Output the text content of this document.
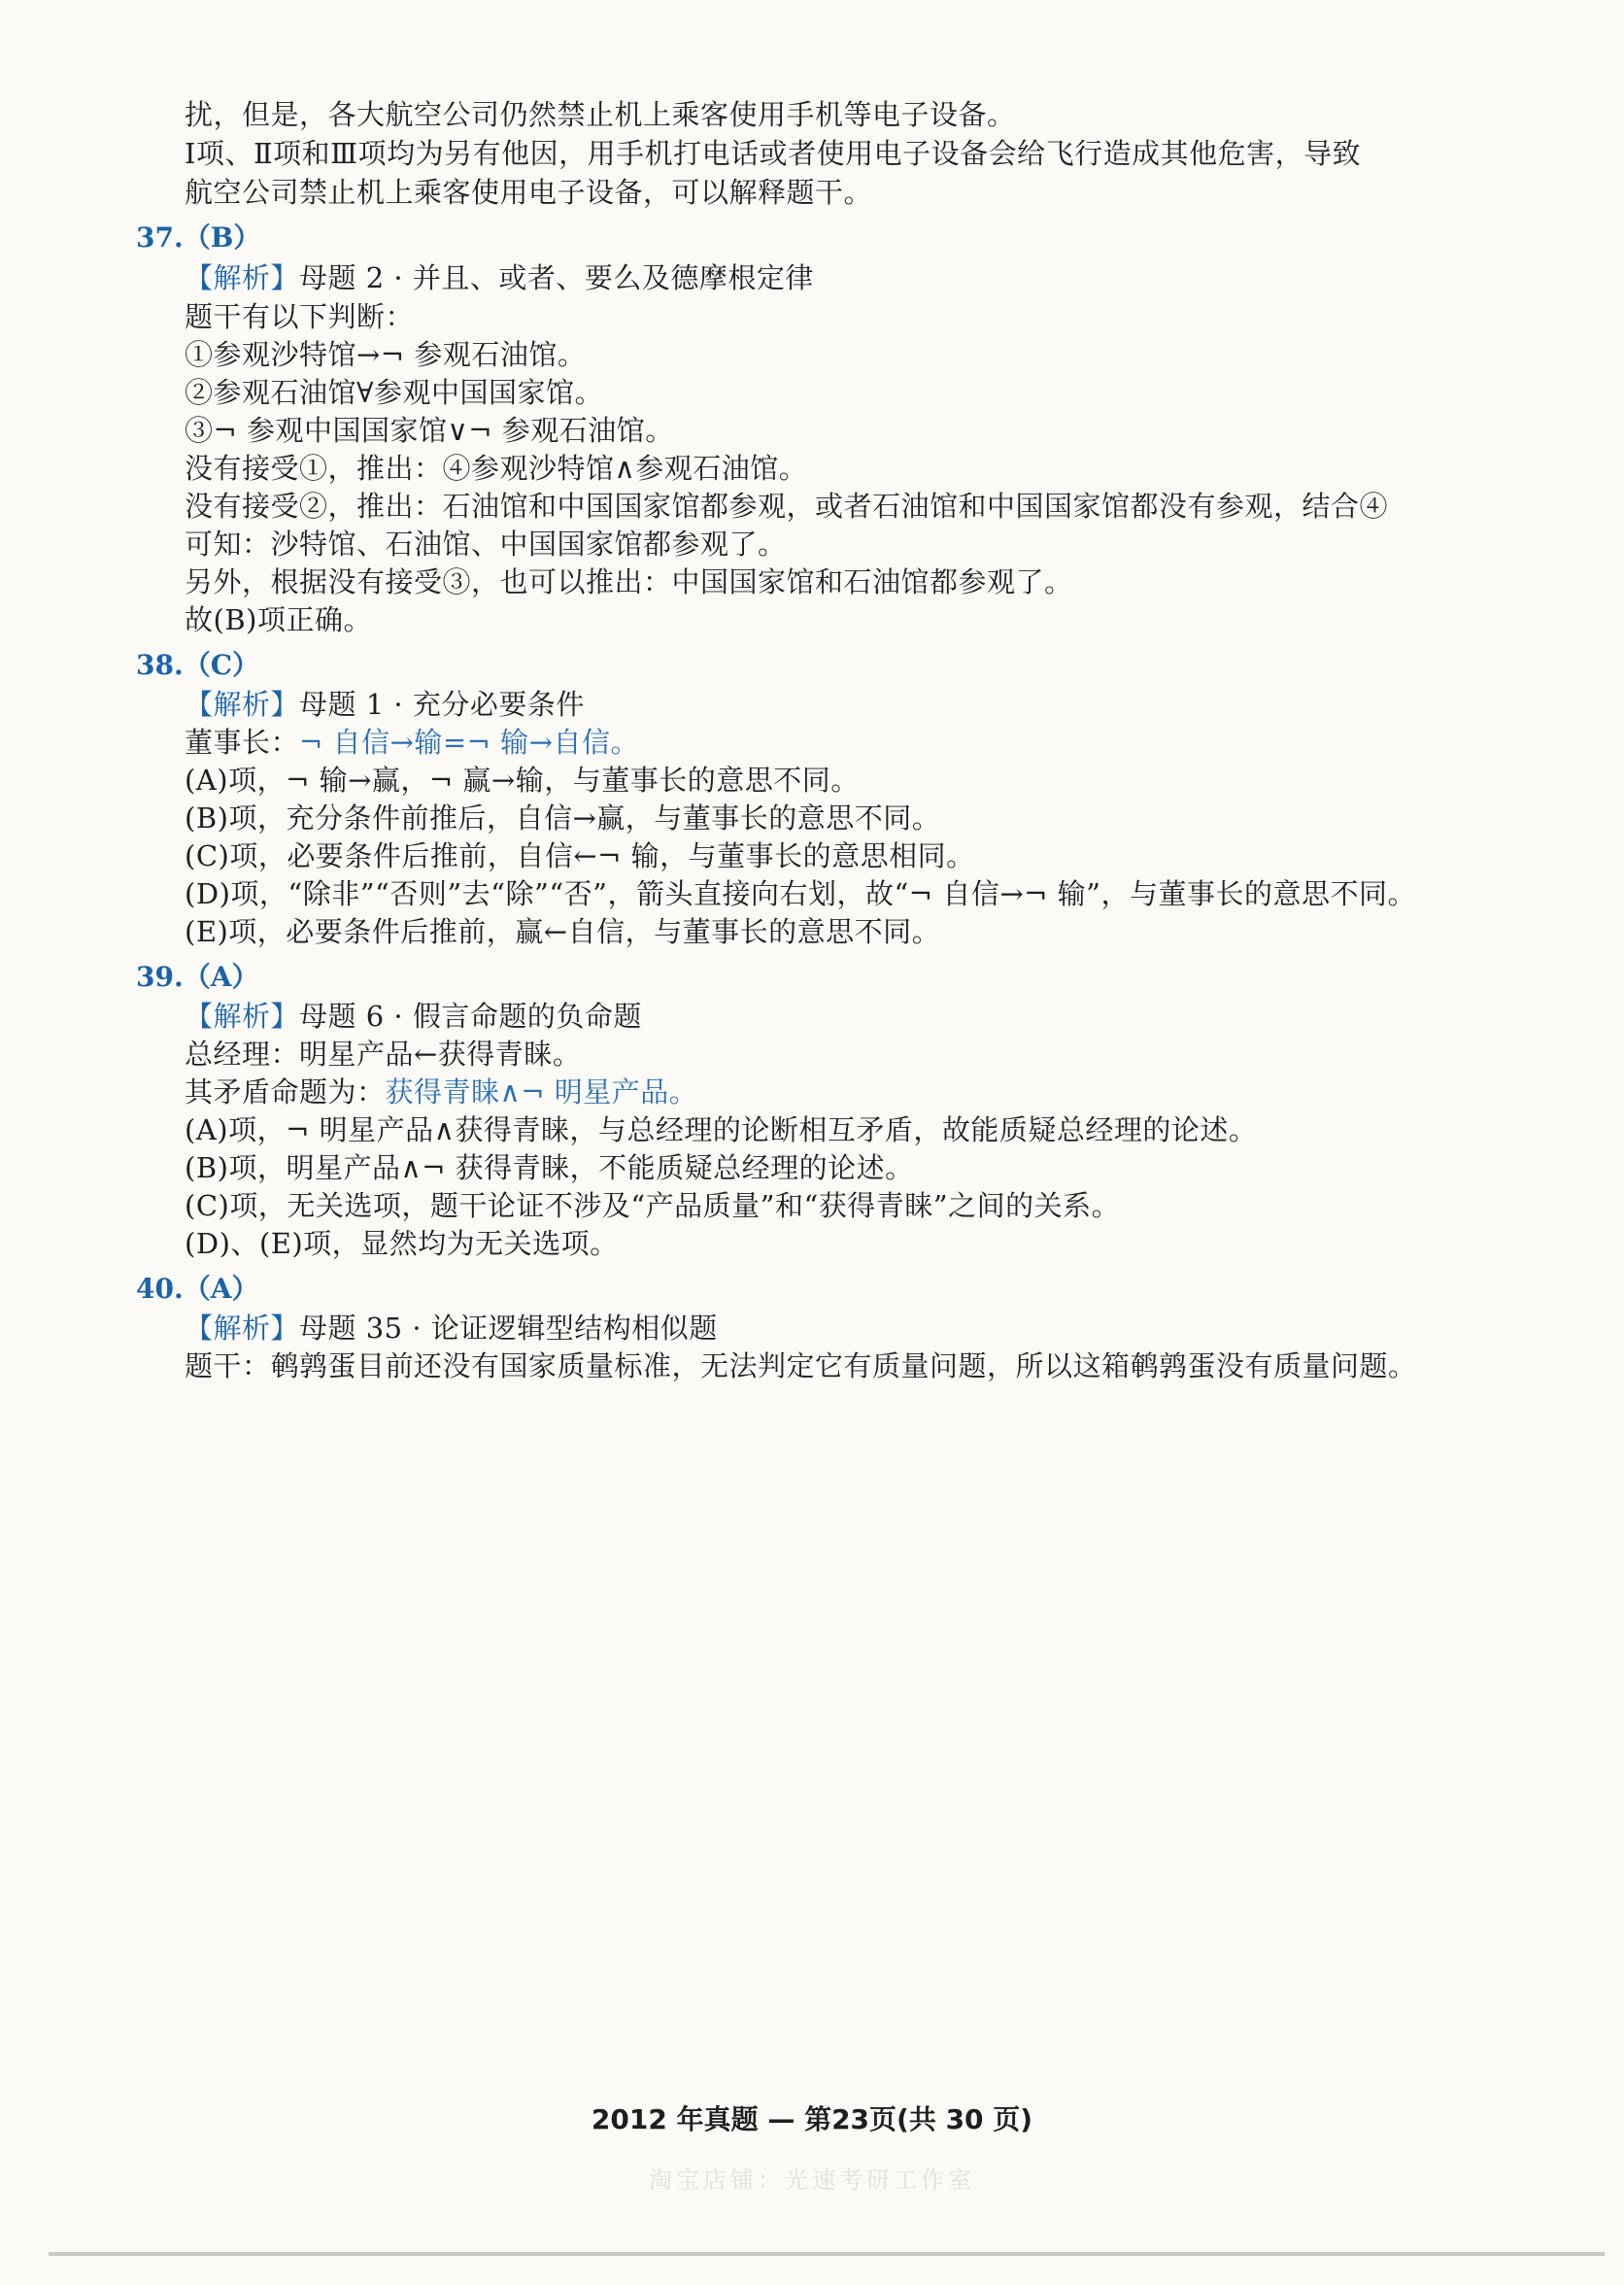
扰，但是，各大航空公司仍然禁止机上乘客使用手机等电子设备。
Ⅰ项、Ⅱ项和Ⅲ项均为另有他因，用手机打电话或者使用电子设备会给飞行造成其他危害，导致
航空公司禁止机上乘客使用电子设备，可以解释题干。
37.（B）
【解析】母题 2 · 并且、或者、要么及德摩根定律
题干有以下判断：
①参观沙特馆→¬ 参观石油馆。
②参观石油馆∀参观中国国家馆。
③¬ 参观中国国家馆∨¬ 参观石油馆。
没有接受①，推出：④参观沙特馆∧参观石油馆。
没有接受②，推出：石油馆和中国国家馆都参观，或者石油馆和中国国家馆都没有参观，结合④
可知：沙特馆、石油馆、中国国家馆都参观了。
另外，根据没有接受③，也可以推出：中国国家馆和石油馆都参观了。
故(B)项正确。
38.（C）
【解析】母题 1 · 充分必要条件
董事长：¬ 自信→输=¬ 输→自信。
(A)项，¬ 输→赢，¬ 赢→输，与董事长的意思不同。
(B)项，充分条件前推后，自信→赢，与董事长的意思不同。
(C)项，必要条件后推前，自信←¬ 输，与董事长的意思相同。
(D)项，“除非”“否则”去“除”“否”，箭头直接向右划，故“¬ 自信→¬ 输”，与董事长的意思不同。
(E)项，必要条件后推前，赢←自信，与董事长的意思不同。
39.（A）
【解析】母题 6 · 假言命题的负命题
总经理：明星产品←获得青睐。
其矛盾命题为：获得青睐∧¬ 明星产品。
(A)项，¬ 明星产品∧获得青睐，与总经理的论断相互矛盾，故能质疑总经理的论述。
(B)项，明星产品∧¬ 获得青睐，不能质疑总经理的论述。
(C)项，无关选项，题干论证不涉及“产品质量”和“获得青睐”之间的关系。
(D)、(E)项，显然均为无关选项。
40.（A）
【解析】母题 35 · 论证逻辑型结构相似题
题干：鹌鹑蛋目前还没有国家质量标准，无法判定它有质量问题，所以这箱鹌鹑蛋没有质量问题。
2012 年真题 — 第23页(共 30 页)
淘宝店铺：光速考研工作室
